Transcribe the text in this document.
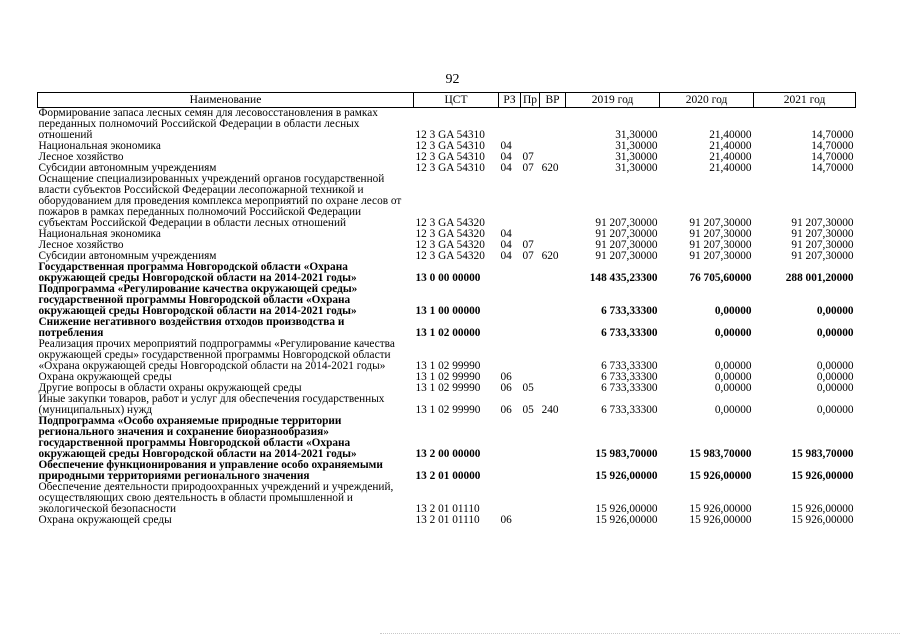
92
Наименование	ЦСТ	РЗ	Пр	ВР	2019 год	2020 год	2021 год
Формирование запаса лесных семян для лесовосстановления в рамках переданных полномочий Российской Федерации в области лесных отношений	12 3 GA 54310				31,30000	21,40000	14,70000
Национальная экономика	12 3 GA 54310	04			31,30000	21,40000	14,70000
Лесное хозяйство	12 3 GA 54310	04	07		31,30000	21,40000	14,70000
Субсидии автономным учреждениям	12 3 GA 54310	04	07	620	31,30000	21,40000	14,70000
Оснащение специализированных учреждений органов государственной власти субъектов Российской Федерации лесопожарной техникой и оборудованием для проведения комплекса мероприятий по охране лесов от пожаров в рамках переданных полномочий Российской Федерации субъектам Российской Федерации в области лесных отношений	12 3 GA 54320				91 207,30000	91 207,30000	91 207,30000
Национальная экономика	12 3 GA 54320	04			91 207,30000	91 207,30000	91 207,30000
Лесное хозяйство	12 3 GA 54320	04	07		91 207,30000	91 207,30000	91 207,30000
Субсидии автономным учреждениям	12 3 GA 54320	04	07	620	91 207,30000	91 207,30000	91 207,30000
Государственная программа Новгородской области «Охрана окружающей среды Новгородской области на 2014-2021 годы»	13 0 00 00000				148 435,23300	76 705,60000	288 001,20000
Подпрограмма «Регулирование качества окружающей среды» государственной программы Новгородской области «Охрана окружающей среды Новгородской области на 2014-2021 годы»	13 1 00 00000				6 733,33300	0,00000	0,00000
Снижение негативного воздействия отходов производства и потребления	13 1 02 00000				6 733,33300	0,00000	0,00000
Реализация прочих мероприятий подпрограммы «Регулирование качества окружающей среды» государственной программы Новгородской области «Охрана окружающей среды Новгородской области на 2014-2021 годы»	13 1 02 99990				6 733,33300	0,00000	0,00000
Охрана окружающей среды	13 1 02 99990	06			6 733,33300	0,00000	0,00000
Другие вопросы в области охраны окружающей среды	13 1 02 99990	06	05		6 733,33300	0,00000	0,00000
Иные закупки товаров, работ и услуг для обеспечения государственных (муниципальных) нужд	13 1 02 99990	06	05	240	6 733,33300	0,00000	0,00000
Подпрограмма «Особо охраняемые природные территории регионального значения и сохранение биоразнообразия» государственной программы Новгородской области «Охрана окружающей среды Новгородской области на 2014-2021 годы»	13 2 00 00000				15 983,70000	15 983,70000	15 983,70000
Обеспечение функционирования и управление особо охраняемыми природными территориями регионального значения	13 2 01 00000				15 926,00000	15 926,00000	15 926,00000
Обеспечение деятельности природоохранных учреждений и учреждений, осуществляющих свою деятельность в области промышленной и экологической безопасности	13 2 01 01110				15 926,00000	15 926,00000	15 926,00000
Охрана окружающей среды	13 2 01 01110	06			15 926,00000	15 926,00000	15 926,00000
